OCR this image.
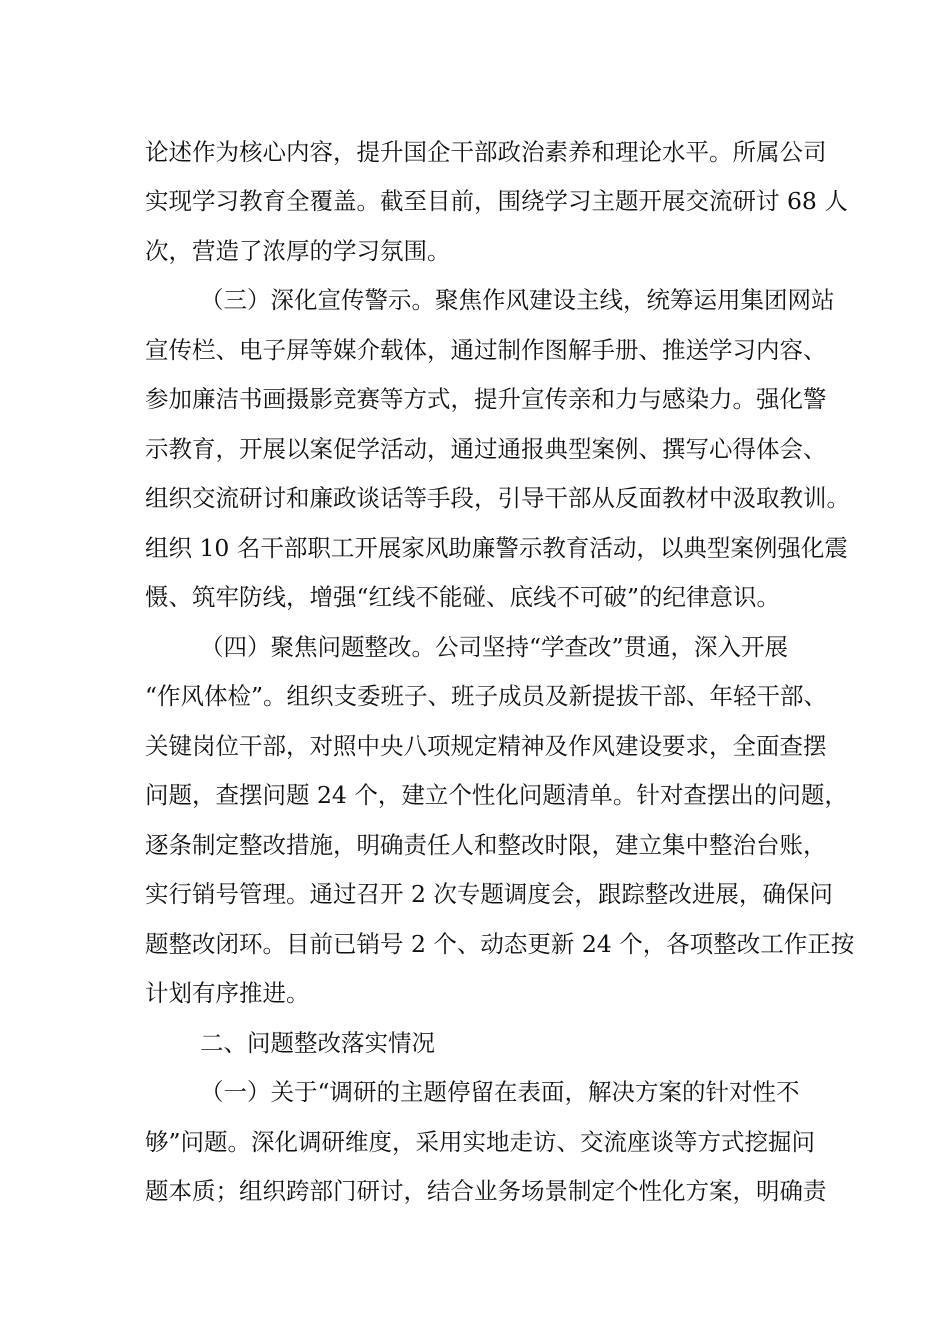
论述作为核心内容，提升国企干部政治素养和理论水平。所属公司
实现学习教育全覆盖。截至目前，围绕学习主题开展交流研讨 68 人
次，营造了浓厚的学习氛围。
（三）深化宣传警示。聚焦作风建设主线，统筹运用集团网站
宣传栏、电子屏等媒介载体，通过制作图解手册、推送学习内容、
参加廉洁书画摄影竞赛等方式，提升宣传亲和力与感染力。强化警
示教育，开展以案促学活动，通过通报典型案例、撰写心得体会、
组织交流研讨和廉政谈话等手段，引导干部从反面教材中汲取教训。
组织 10 名干部职工开展家风助廉警示教育活动，以典型案例强化震
慑、筑牢防线，增强“红线不能碰、底线不可破”的纪律意识。
（四）聚焦问题整改。公司坚持“学查改”贯通，深入开展
“作风体检”。组织支委班子、班子成员及新提拔干部、年轻干部、
关键岗位干部，对照中央八项规定精神及作风建设要求，全面查摆
问题，查摆问题 24 个，建立个性化问题清单。针对查摆出的问题，
逐条制定整改措施，明确责任人和整改时限，建立集中整治台账，
实行销号管理。通过召开 2 次专题调度会，跟踪整改进展，确保问
题整改闭环。目前已销号 2 个、动态更新 24 个，各项整改工作正按
计划有序推进。
二、问题整改落实情况
（一）关于“调研的主题停留在表面，解决方案的针对性不
够”问题。深化调研维度，采用实地走访、交流座谈等方式挖掘问
题本质；组织跨部门研讨，结合业务场景制定个性化方案，明确责
